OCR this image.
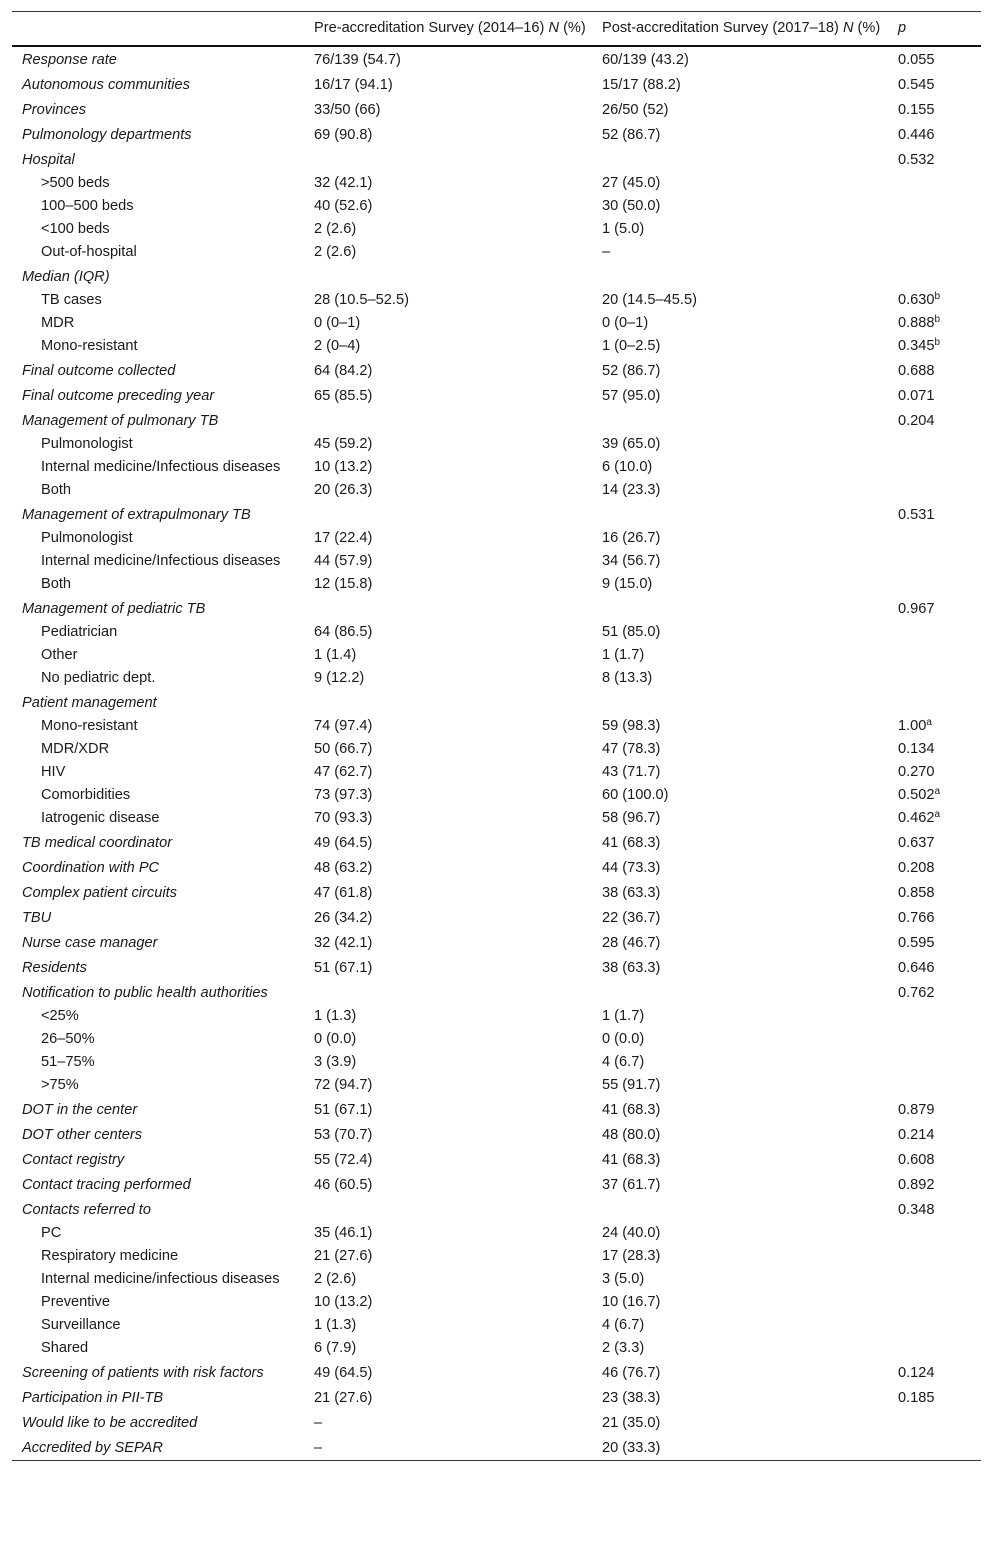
	Pre-accreditation Survey (2014–16) N (%)	Post-accreditation Survey (2017–18) N (%)	p
Response rate	76/139 (54.7)	60/139 (43.2)	0.055
Autonomous communities	16/17 (94.1)	15/17 (88.2)	0.545
Provinces	33/50 (66)	26/50 (52)	0.155
Pulmonology departments	69 (90.8)	52 (86.7)	0.446
Hospital			0.532
>500 beds	32 (42.1)	27 (45.0)	
100–500 beds	40 (52.6)	30 (50.0)	
<100 beds	2 (2.6)	1 (5.0)	
Out-of-hospital	2 (2.6)	–	
Median (IQR)			
TB cases	28 (10.5–52.5)	20 (14.5–45.5)	0.630$^b$
MDR	0 (0–1)	0 (0–1)	0.888$^b$
Mono-resistant	2 (0–4)	1 (0–2.5)	0.345$^b$
Final outcome collected	64 (84.2)	52 (86.7)	0.688
Final outcome preceding year	65 (85.5)	57 (95.0)	0.071
Management of pulmonary TB			0.204
Pulmonologist	45 (59.2)	39 (65.0)	
Internal medicine/Infectious diseases	10 (13.2)	6 (10.0)	
Both	20 (26.3)	14 (23.3)	
Management of extrapulmonary TB			0.531
Pulmonologist	17 (22.4)	16 (26.7)	
Internal medicine/Infectious diseases	44 (57.9)	34 (56.7)	
Both	12 (15.8)	9 (15.0)	
Management of pediatric TB			0.967
Pediatrician	64 (86.5)	51 (85.0)	
Other	1 (1.4)	1 (1.7)	
No pediatric dept.	9 (12.2)	8 (13.3)	
Patient management			
Mono-resistant	74 (97.4)	59 (98.3)	1.00$^a$
MDR/XDR	50 (66.7)	47 (78.3)	0.134
HIV	47 (62.7)	43 (71.7)	0.270
Comorbidities	73 (97.3)	60 (100.0)	0.502$^a$
Iatrogenic disease	70 (93.3)	58 (96.7)	0.462$^a$
TB medical coordinator	49 (64.5)	41 (68.3)	0.637
Coordination with PC	48 (63.2)	44 (73.3)	0.208
Complex patient circuits	47 (61.8)	38 (63.3)	0.858
TBU	26 (34.2)	22 (36.7)	0.766
Nurse case manager	32 (42.1)	28 (46.7)	0.595
Residents	51 (67.1)	38 (63.3)	0.646
Notification to public health authorities			0.762
<25%	1 (1.3)	1 (1.7)	
26–50%	0 (0.0)	0 (0.0)	
51–75%	3 (3.9)	4 (6.7)	
>75%	72 (94.7)	55 (91.7)	
DOT in the center	51 (67.1)	41 (68.3)	0.879
DOT other centers	53 (70.7)	48 (80.0)	0.214
Contact registry	55 (72.4)	41 (68.3)	0.608
Contact tracing performed	46 (60.5)	37 (61.7)	0.892
Contacts referred to			0.348
PC	35 (46.1)	24 (40.0)	
Respiratory medicine	21 (27.6)	17 (28.3)	
Internal medicine/infectious diseases	2 (2.6)	3 (5.0)	
Preventive	10 (13.2)	10 (16.7)	
Surveillance	1 (1.3)	4 (6.7)	
Shared	6 (7.9)	2 (3.3)	
Screening of patients with risk factors	49 (64.5)	46 (76.7)	0.124
Participation in PII-TB	21 (27.6)	23 (38.3)	0.185
Would like to be accredited	–	21 (35.0)	
Accredited by SEPAR	–	20 (33.3)	
